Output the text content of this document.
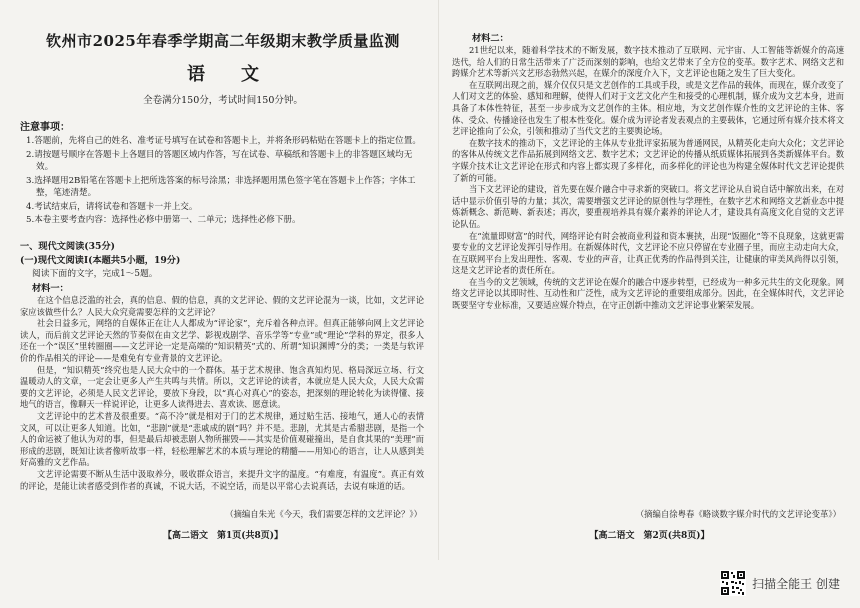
钦州市2025年春季学期高二年级期末教学质量监测
语文
全卷满分150分，考试时间150分钟。
注意事项：

1.答题前，先将自己的姓名、准考证号填写在试卷和答题卡上，并将条形码粘贴在答题卡上的指定位置。

2.请按题号顺序在答题卡上各题目的答题区域内作答，写在试卷、草稿纸和答题卡上的非答题区域均无效。

3.选择题用2B铅笔在答题卡上把所选答案的标号涂黑；非选择题用黑色签字笔在答题卡上作答；字体工整，笔迹清楚。

4.考试结束后，请将试卷和答题卡一并上交。

5.本卷主要考查内容：选择性必修中册第一、二单元；选择性必修下册。

一、现代文阅读(35分)
(一)现代文阅读Ⅰ(本题共5小题，19分)
阅读下面的文字，完成1～5题。
材料一：

在这个信息泛滥的社会，真的信息、假的信息，真的文艺评论、假的文艺评论混为一谈，比如，文艺评论家应该做些什么？人民大众究竟需要怎样的文艺评论？

社会日益多元，网络的自媒体正在让人人都成为“评论家”，充斥着各种点评。但真正能够向网上文艺评论读人，而后前文艺评论天然的节奏似在由文艺学、影视戏剧学、音乐学等“专业”或“理论”学科的界定，很多人还在一个“误区”里转圈圈——文艺评论一定是高端的“知识精英”式的、所谓“知识渊博”分的类；一类是与软评价的作品相关的评论——是难免有专业背景的文艺评论。

但是，“知识精英”终究也是人民大众中的一个群体。基于艺术规律、饱含真知灼见、格局深远立场、行文温暖动人的文章，一定会让更多人产生共鸣与共情。所以，文艺评论的读者，本就应是人民大众，人民大众需要的文艺评论，必须是人民文艺评论，要放下身段，以“真心对真心”的姿态，把深刻的理论转化为读得懂、接地气的语言，像聊天一样说评论，让更多人读得进去、喜欢读、愿意读。

文艺评论中的艺术普及很重要。“高不冷”就是相对于门的艺术规律，通过贴生活、接地气，通人心的表情文风，可以让更多人知道。比如，“悲剧”就是“悲戚成的剧”吗？并不是。悲剧，尤其是古希腊悲剧，是指一个人的命运被了他认为对的事，但是最后却被悲剧人物所摧毁——其实是价值观碰撞出，是自食其果的“美理”而形成的悲剧，既知让读者像听故事一样，轻松理解艺术的本质与理论的精髓——用知心的语言，让人从感到美好高雅的文艺作品。

文艺评论需要不断从生活中汲取养分，吸收群众语言，来提升文字的温度。“有难度，有温度”。真正有效的评论，是能让读者感受到作者的真诚，不说大话，不说空话，而是以平常心去说真话，去说有味道的话。

（摘编自朱光《今天，我们需要怎样的文艺评论？》）
【高二语文　第1页(共8页)】
材料二：

21世纪以来，随着科学技术的不断发展，数字技术推动了互联网、元宇宙、人工智能等新媒介的高速迭代，给人们的日常生活带来了广泛而深刻的影响，也给文艺带来了全方位的变革。数字艺术、网络文艺和跨媒介艺术等新兴文艺形态勃然兴起，在媒介的深度介入下，文艺评论也随之发生了巨大变化。

在互联网出现之前，媒介仅仅只是文艺创作的工具或手段，或是文艺作品的载体，而现在，媒介改变了人们对文艺的体验、感知和理解，使得人们对于文艺文化产生和接受的心理机制，媒介成为文艺本身，进而具备了本体性特征，甚至一步步成为文艺创作的主体。相应地，为文艺创作媒介性的文艺评论的主体、客体、受众、传播途径也发生了根本性变化。媒介成为评论者发表观点的主要载体，它通过所有媒介技术将文艺评论推向了公众，引领和推动了当代文艺的主要舆论场。

在数字技术的推动下，文艺评论的主体从专业批评家拓展为普通网民，从精英化走向大众化；文艺评论的客体从传统文艺作品拓展到网络文艺、数字艺术；文艺评论的传播从纸质媒体拓展到各类新媒体平台。数字媒介技术让文艺评论在形式和内容上都实现了多样化，而多样化的评论也为构建全媒体时代文艺评论提供了新的可能。

当下文艺评论的建设，首先要在媒介融合中寻求新的突破口。将文艺评论从自说自话中解放出来，在对话中显示价值引导的力量；其次，需要增强文艺评论的原创性与学理性，在数字艺术和网络文艺新业态中提炼新概念、新范畴、新表述；再次，要重视培养具有媒介素养的评论人才，建设具有高度文化自觉的文艺评论队伍。

在“流量即财富”的时代，网络评论有时会被商业利益和资本裹挟，出现“饭圈化”等不良现象，这就更需要专业的文艺评论发挥引导作用。在新媒体时代，文艺评论不应只停留在专业圈子里，而应主动走向大众，在互联网平台上发出理性、客观、专业的声音，让真正优秀的作品得到关注，让健康的审美风尚得以引领，这是文艺评论者的责任所在。

在当今的文艺领域，传统的文艺评论在媒介的融合中逐步转型，已经成为一种多元共生的文化现象。网络文艺评论以其即时性、互动性和广泛性，成为文艺评论的重要组成部分。因此，在全媒体时代，文艺评论既要坚守专业标准，又要适应媒介特点，在守正创新中推动文艺评论事业繁荣发展。

（摘编自徐粤春《略谈数字媒介时代的文艺评论变革》）
【高二语文　第2页(共8页)】
扫描全能王 创建
